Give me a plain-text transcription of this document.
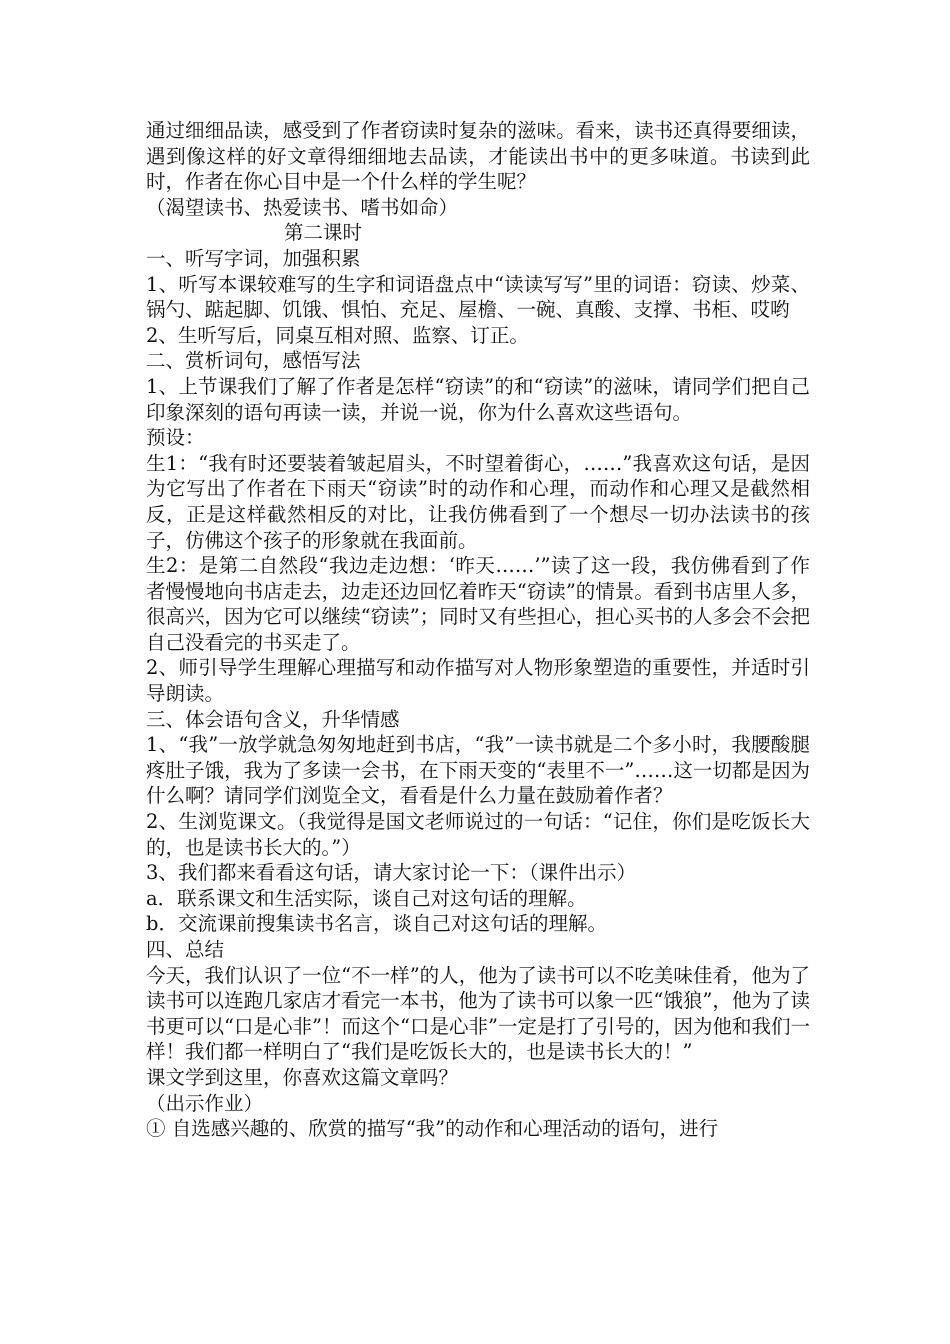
通过细细品读，感受到了作者窃读时复杂的滋味。看来，读书还真得要细读，遇到像这样的好文章得细细地去品读，才能读出书中的更多味道。书读到此时，作者在你心目中是一个什么样的学生呢？

（渴望读书、热爱读书、嗜书如命）

第二课时

一、听写字词，加强积累

1、听写本课较难写的生字和词语盘点中“读读写写”里的词语：窃读、炒菜、锅勺、踮起脚、饥饿、惧怕、充足、屋檐、一碗、真酸、支撑、书柜、哎哟

2、生听写后，同桌互相对照、监察、订正。

二、赏析词句，感悟写法

1、上节课我们了解了作者是怎样“窃读”的和“窃读”的滋味，请同学们把自己印象深刻的语句再读一读，并说一说，你为什么喜欢这些语句。

预设：

生1：“我有时还要装着皱起眉头，不时望着街心，……”我喜欢这句话，是因为它写出了作者在下雨天“窃读”时的动作和心理，而动作和心理又是截然相反，正是这样截然相反的对比，让我仿佛看到了一个想尽一切办法读书的孩子，仿佛这个孩子的形象就在我面前。

生2：是第二自然段“我边走边想：‘昨天……’”读了这一段，我仿佛看到了作者慢慢地向书店走去，边走还边回忆着昨天“窃读”的情景。看到书店里人多，很高兴，因为它可以继续“窃读”；同时又有些担心，担心买书的人多会不会把自己没看完的书买走了。

2、师引导学生理解心理描写和动作描写对人物形象塑造的重要性，并适时引导朗读。

三、体会语句含义，升华情感

1、“我”一放学就急匆匆地赶到书店，“我”一读书就是二个多小时，我腰酸腿疼肚子饿，我为了多读一会书，在下雨天变的“表里不一”……这一切都是因为什么啊？请同学们浏览全文，看看是什么力量在鼓励着作者？

2、生浏览课文。（我觉得是国文老师说过的一句话：“记住，你们是吃饭长大的，也是读书长大的。”）

3、我们都来看看这句话，请大家讨论一下：（课件出示）

a．联系课文和生活实际，谈自己对这句话的理解。

b．交流课前搜集读书名言，谈自己对这句话的理解。

四、总结

今天，我们认识了一位“不一样”的人，他为了读书可以不吃美味佳肴，他为了读书可以连跑几家店才看完一本书，他为了读书可以象一匹“饿狼”，他为了读书更可以“口是心非”！而这个“口是心非”一定是打了引号的，因为他和我们一样！我们都一样明白了“我们是吃饭长大的，也是读书长大的！”

课文学到这里，你喜欢这篇文章吗？

（出示作业）

① 自选感兴趣的、欣赏的描写“我”的动作和心理活动的语句，进行
